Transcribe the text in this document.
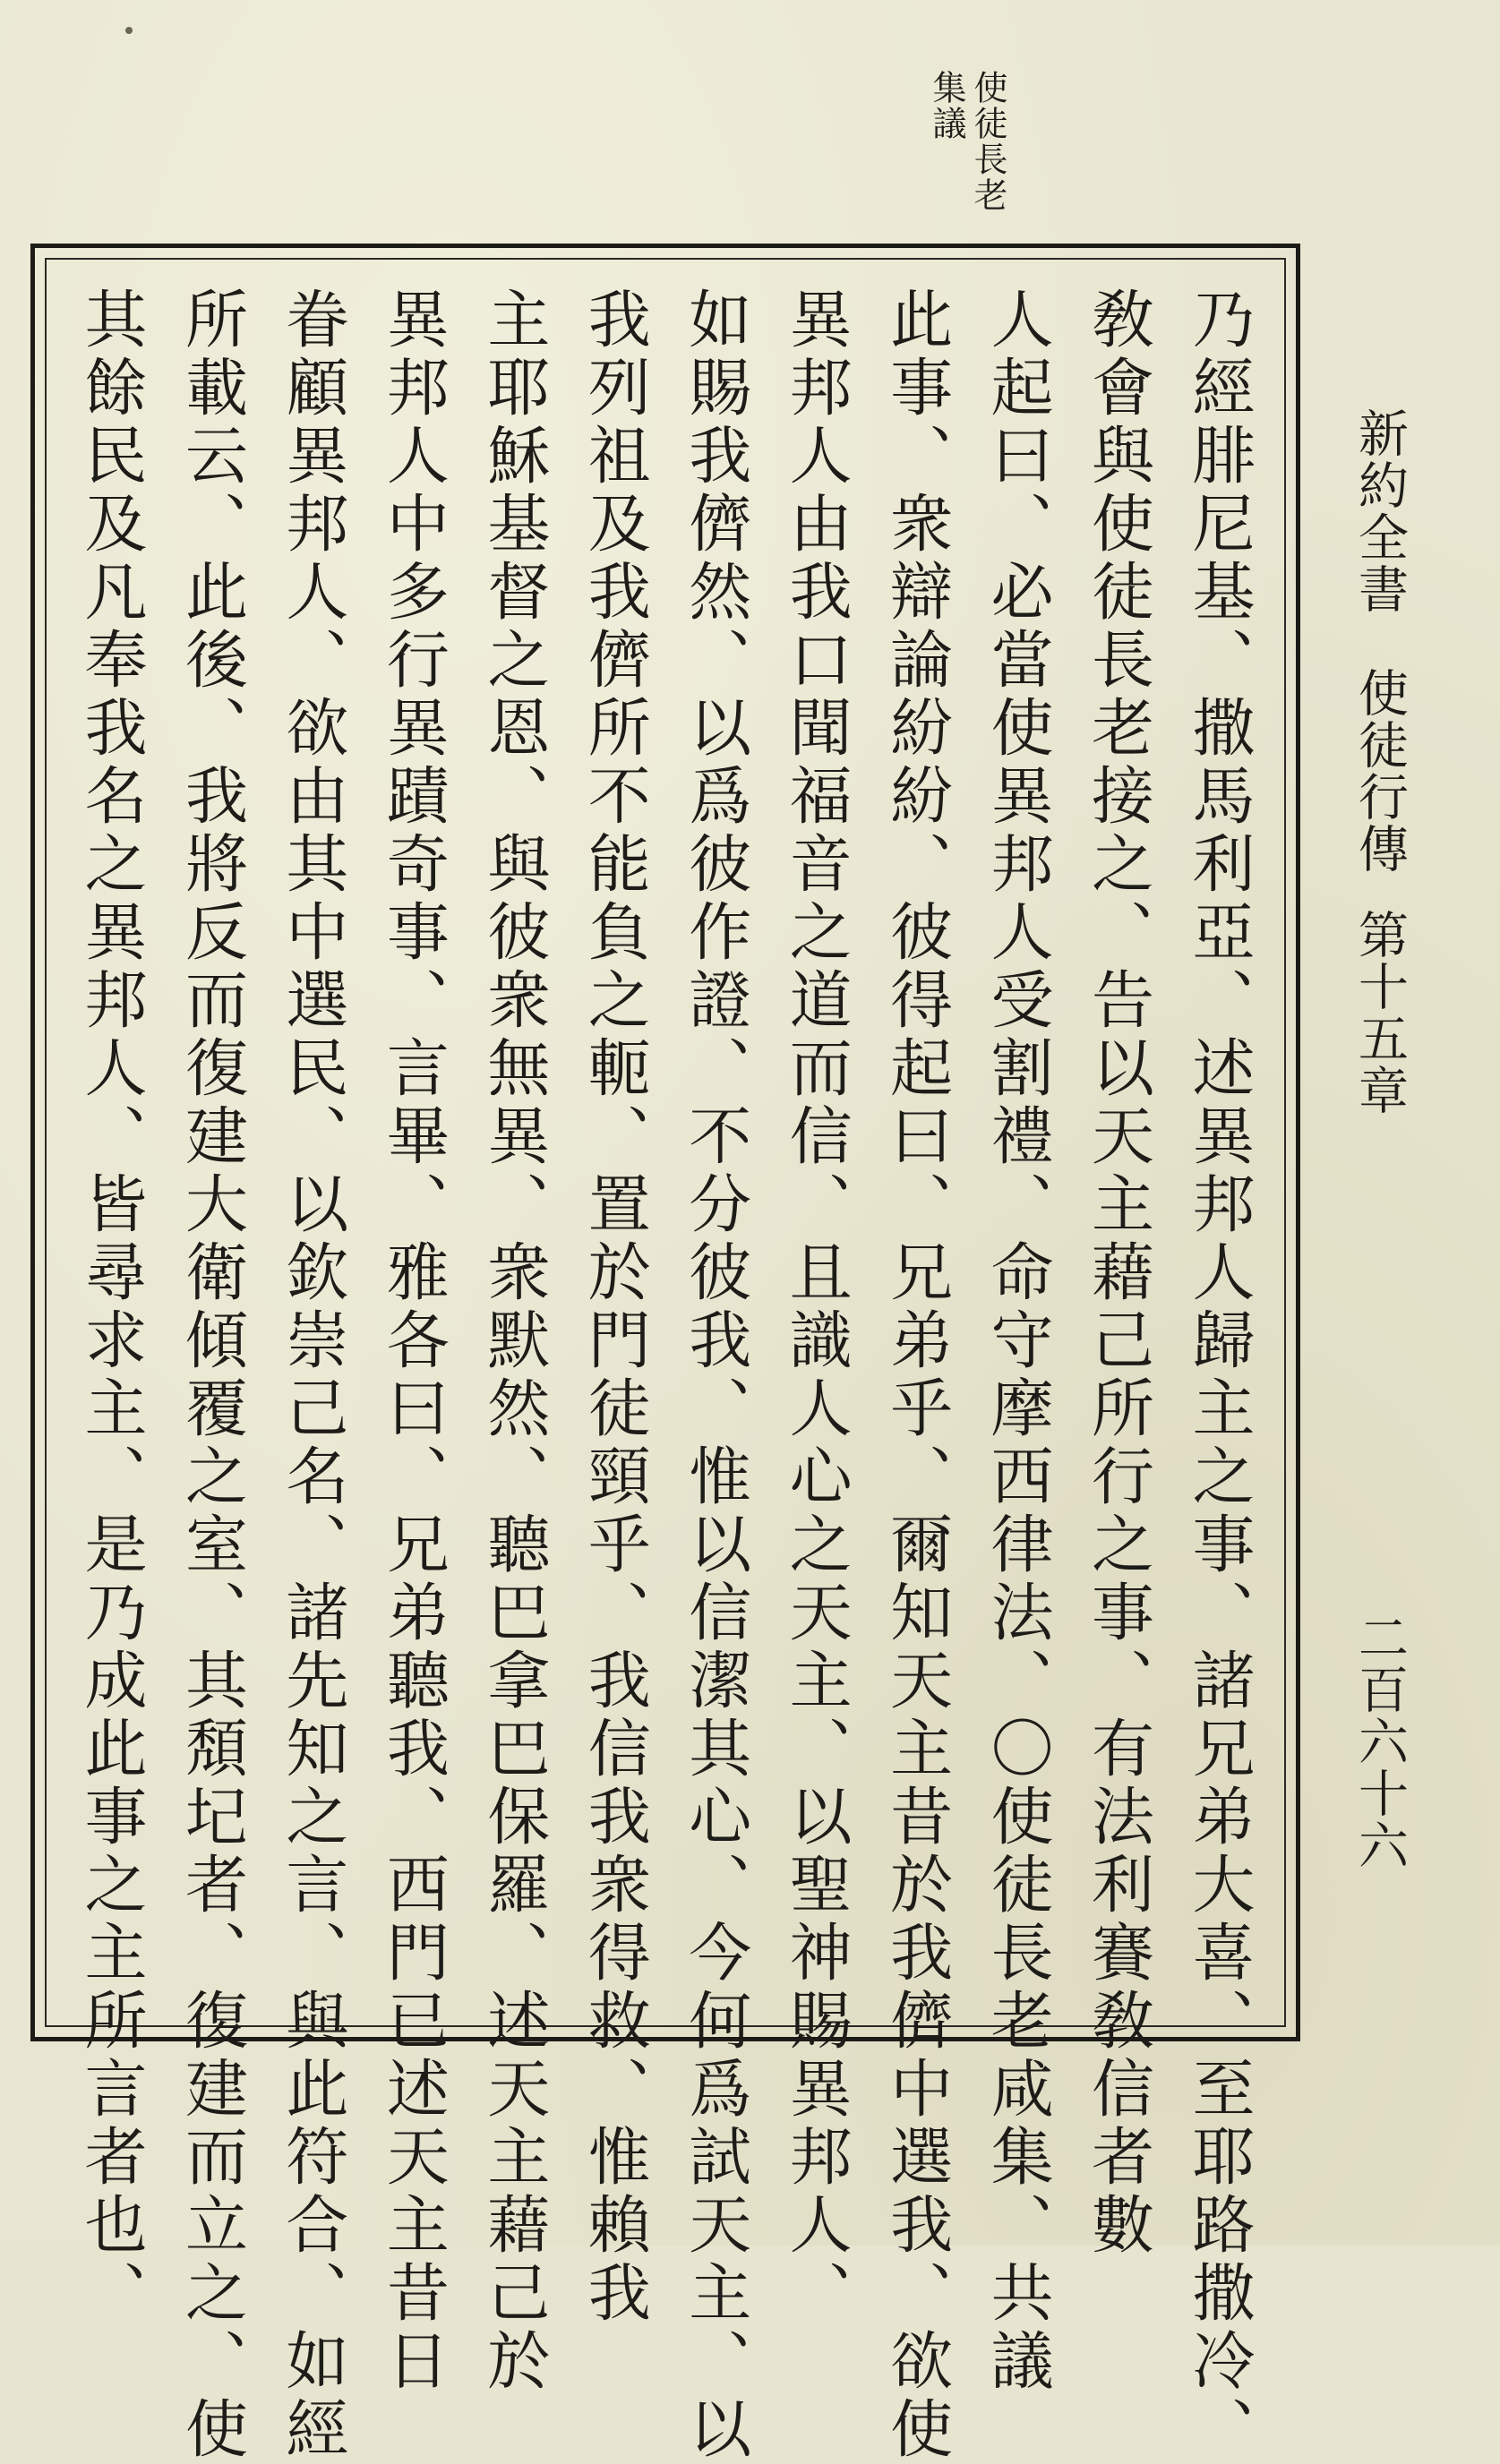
使徒長老
集議
新約全書
使徒行傳
第十五章
二百六十六
乃經腓尼基、撒馬利亞、述異邦人歸主之事、諸兄弟大喜、至耶路撒冷、
敎會與使徒長老接之、告以天主藉己所行之事、有法利賽敎信者數
人起曰、必當使異邦人受割禮、命守摩西律法、〇使徒長老咸集、共議
此事、衆辯論紛紛、彼得起曰、兄弟乎、爾知天主昔於我儕中選我、欲使
異邦人由我口聞福音之道而信、且識人心之天主、以聖神賜異邦人、
如賜我儕然、以爲彼作證、不分彼我、惟以信潔其心、今何爲試天主、以
我列祖及我儕所不能負之軛、置於門徒頸乎、我信我衆得救、惟賴我
主耶穌基督之恩、與彼衆無異、衆默然、聽巴拿巴保羅、述天主藉己於
異邦人中多行異蹟奇事、言畢、雅各曰、兄弟聽我、西門已述天主昔日
眷顧異邦人、欲由其中選民、以欽崇己名、諸先知之言、與此符合、如經
所載云、此後、我將反而復建大衛傾覆之室、其頽圮者、復建而立之、使
其餘民及凡奉我名之異邦人、皆尋求主、是乃成此事之主所言者也、
